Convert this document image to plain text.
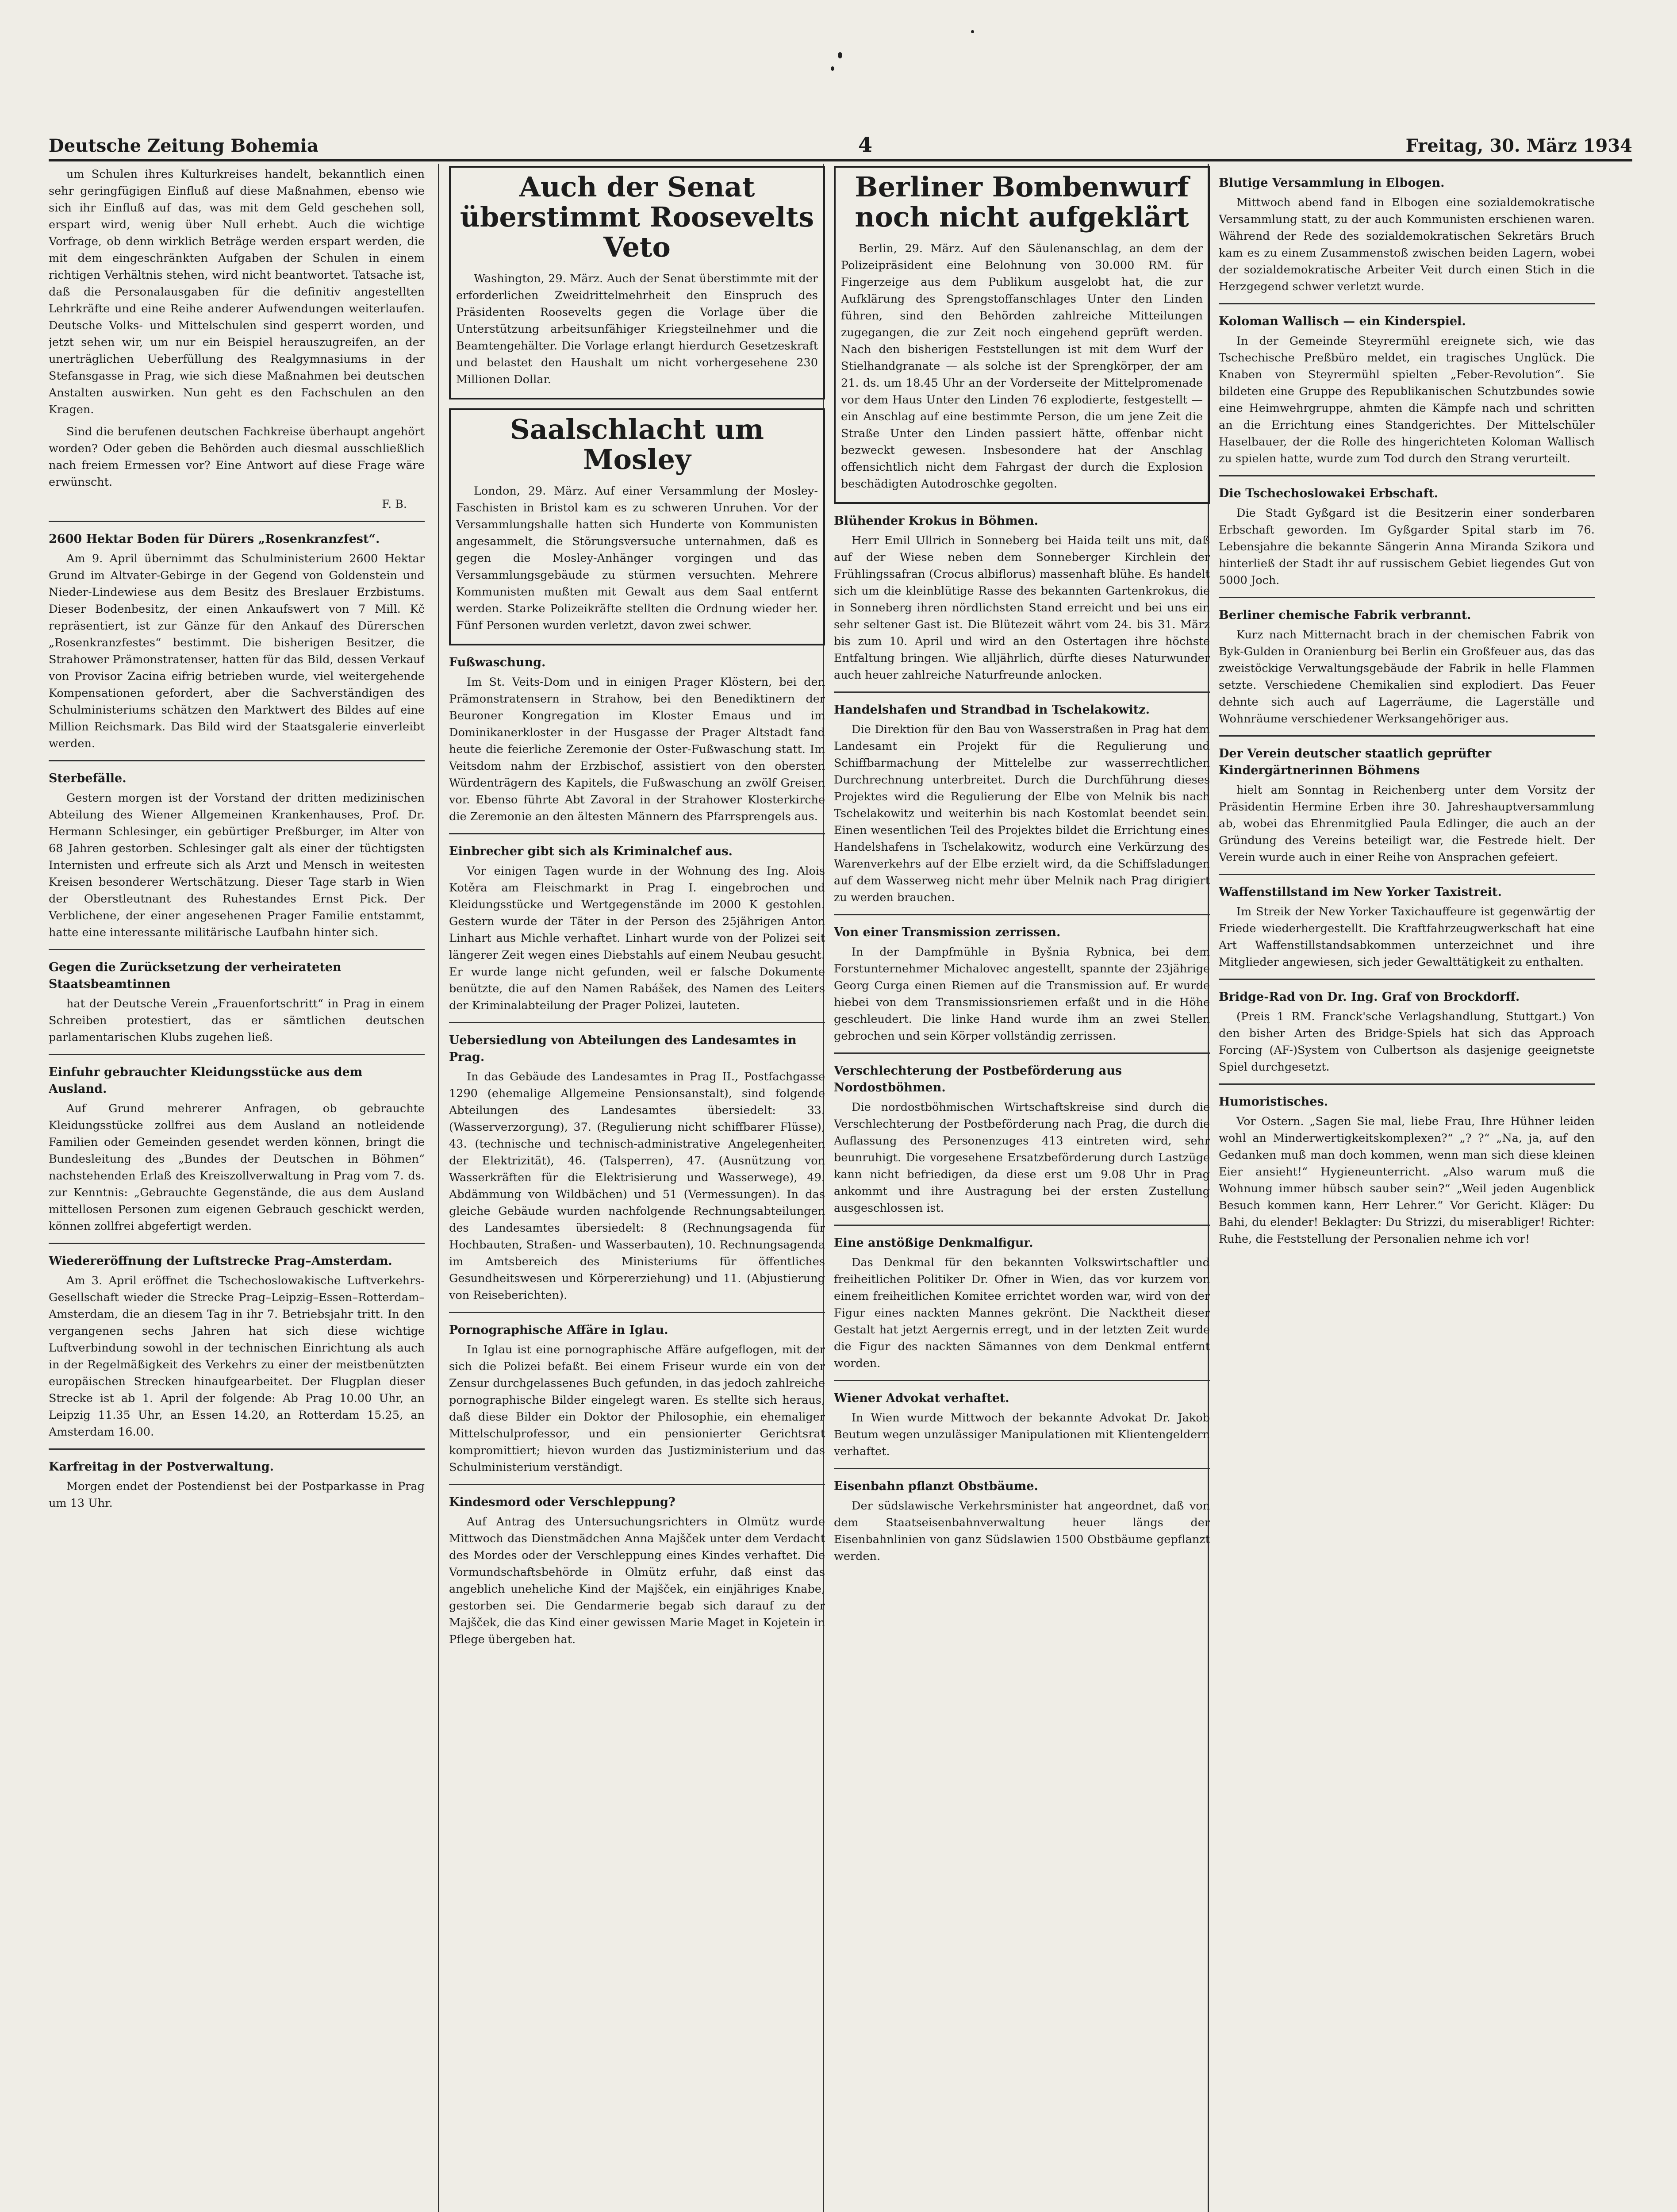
Deutsche Zeitung Bohemia	4	Freitag, 30. März 1934

um Schulen ihres Kulturkreises handelt, bekanntlich einen sehr geringfügigen Einfluß auf diese Maßnahmen, ebenso wie sich ihr Einfluß auf das, was mit dem Geld geschehen soll, erspart wird, wenig über Null erhebt. Auch die wichtige Vorfrage, ob denn wirklich Beträge werden erspart werden, die mit dem eingeschränkten Aufgaben der Schulen in einem richtigen Verhältnis stehen, wird nicht beantwortet. Tatsache ist, daß die Personalausgaben für die definitiv angestellten Lehrkräfte und eine Reihe anderer Aufwendungen weiterlaufen. Deutsche Volks- und Mittelschulen sind gesperrt worden, und jetzt sehen wir, um nur ein Beispiel herauszugreifen, an der unerträglichen Ueberfüllung des Realgymnasiums in der Stefansgasse in Prag, wie sich diese Maßnahmen bei deutschen Anstalten auswirken. Nun geht es den Fachschulen an den Kragen.

Sind die berufenen deutschen Fachkreise überhaupt angehört worden? Oder geben die Behörden auch diesmal ausschließlich nach freiem Ermessen vor? Eine Antwort auf diese Frage wäre erwünscht.

F. B.
2600 Hektar Boden für Dürers „Rosenkranzfest“.

Am 9. April übernimmt das Schulministerium 2600 Hektar Grund im Altvater-Gebirge in der Gegend von Goldenstein und Nieder-Lindewiese aus dem Besitz des Breslauer Erzbistums. Dieser Bodenbesitz, der einen Ankaufswert von 7 Mill. Kč repräsentiert, ist zur Gänze für den Ankauf des Dürerschen „Rosenkranzfestes“ bestimmt. Die bisherigen Besitzer, die Strahower Prämonstratenser, hatten für das Bild, dessen Verkauf von Provisor Zacina eifrig betrieben wurde, viel weitergehende Kompensationen gefordert, aber die Sachverständigen des Schulministeriums schätzen den Marktwert des Bildes auf eine Million Reichsmark. Das Bild wird der Staatsgalerie einverleibt werden.

Sterbefälle.

Gestern morgen ist der Vorstand der dritten medizinischen Abteilung des Wiener Allgemeinen Krankenhauses, Prof. Dr. Hermann Schlesinger, ein gebürtiger Preßburger, im Alter von 68 Jahren gestorben. Schlesinger galt als einer der tüchtigsten Internisten und erfreute sich als Arzt und Mensch in weitesten Kreisen besonderer Wertschätzung. Dieser Tage starb in Wien der Oberstleutnant des Ruhestandes Ernst Pick. Der Verblichene, der einer angesehenen Prager Familie entstammt, hatte eine interessante militärische Laufbahn hinter sich.

Gegen die Zurücksetzung der verheirateten Staatsbeamtinnen

hat der Deutsche Verein „Frauenfortschritt“ in Prag in einem Schreiben protestiert, das er sämtlichen deutschen parlamentarischen Klubs zugehen ließ.

Einfuhr gebrauchter Kleidungsstücke aus dem Ausland.

Auf Grund mehrerer Anfragen, ob gebrauchte Kleidungsstücke zollfrei aus dem Ausland an notleidende Familien oder Gemeinden gesendet werden können, bringt die Bundesleitung des „Bundes der Deutschen in Böhmen“ nachstehenden Erlaß des Kreiszollverwaltung in Prag vom 7. ds. zur Kenntnis: „Gebrauchte Gegenstände, die aus dem Ausland mittellosen Personen zum eigenen Gebrauch geschickt werden, können zollfrei abgefertigt werden.

Wiedereröffnung der Luftstrecke Prag–Amsterdam.

Am 3. April eröffnet die Tschechoslowakische Luftverkehrs-Gesellschaft wieder die Strecke Prag–Leipzig–Essen–Rotterdam–Amsterdam, die an diesem Tag in ihr 7. Betriebsjahr tritt. In den vergangenen sechs Jahren hat sich diese wichtige Luftverbindung sowohl in der technischen Einrichtung als auch in der Regelmäßigkeit des Verkehrs zu einer der meistbenützten europäischen Strecken hinaufgearbeitet. Der Flugplan dieser Strecke ist ab 1. April der folgende: Ab Prag 10.00 Uhr, an Leipzig 11.35 Uhr, an Essen 14.20, an Rotterdam 15.25, an Amsterdam 16.00.

Karfreitag in der Postverwaltung.

Morgen endet der Postendienst bei der Postparkasse in Prag um 13 Uhr.

Auch der Senat überstimmt Roosevelts Veto

Washington, 29. März. Auch der Senat überstimmte mit der erforderlichen Zweidrittelmehrheit den Einspruch des Präsidenten Roosevelts gegen die Vorlage über die Unterstützung arbeitsunfähiger Kriegsteilnehmer und die Beamtengehälter. Die Vorlage erlangt hierdurch Gesetzeskraft und belastet den Haushalt um nicht vorhergesehene 230 Millionen Dollar.

Saalschlacht um Mosley

London, 29. März. Auf einer Versammlung der Mosley-Faschisten in Bristol kam es zu schweren Unruhen. Vor der Versammlungshalle hatten sich Hunderte von Kommunisten angesammelt, die Störungsversuche unternahmen, daß es gegen die Mosley-Anhänger vorgingen und das Versammlungsgebäude zu stürmen versuchten. Mehrere Kommunisten mußten mit Gewalt aus dem Saal entfernt werden. Starke Polizeikräfte stellten die Ordnung wieder her. Fünf Personen wurden verletzt, davon zwei schwer.

Fußwaschung.

Im St. Veits-Dom und in einigen Prager Klöstern, bei den Prämonstratensern in Strahow, bei den Benediktinern der Beuroner Kongregation im Kloster Emaus und im Dominikanerkloster in der Husgasse der Prager Altstadt fand heute die feierliche Zeremonie der Oster-Fußwaschung statt. Im Veitsdom nahm der Erzbischof, assistiert von den obersten Würdenträgern des Kapitels, die Fußwaschung an zwölf Greisen vor. Ebenso führte Abt Zavoral in der Strahower Klosterkirche die Zeremonie an den ältesten Männern des Pfarrsprengels aus.

Einbrecher gibt sich als Kriminalchef aus.

Vor einigen Tagen wurde in der Wohnung des Ing. Alois Kotěra am Fleischmarkt in Prag I. eingebrochen und Kleidungsstücke und Wertgegenstände im 2000 K gestohlen. Gestern wurde der Täter in der Person des 25jährigen Anton Linhart aus Michle verhaftet. Linhart wurde von der Polizei seit längerer Zeit wegen eines Diebstahls auf einem Neubau gesucht. Er wurde lange nicht gefunden, weil er falsche Dokumente benützte, die auf den Namen Rabášek, des Namen des Leiters der Kriminalabteilung der Prager Polizei, lauteten.

Uebersiedlung von Abteilungen des Landesamtes in Prag.

In das Gebäude des Landesamtes in Prag II., Postfachgasse 1290 (ehemalige Allgemeine Pensionsanstalt), sind folgende Abteilungen des Landesamtes übersiedelt: 33. (Wasserverzorgung), 37. (Regulierung nicht schiffbarer Flüsse), 43. (technische und technisch-administrative Angelegenheiten der Elektrizität), 46. (Talsperren), 47. (Ausnützung von Wasserkräften für die Elektrisierung und Wasserwege), 49. Abdämmung von Wildbächen) und 51 (Vermessungen). In das gleiche Gebäude wurden nachfolgende Rechnungsabteilungen des Landesamtes übersiedelt: 8 (Rechnungsagenda für Hochbauten, Straßen- und Wasserbauten), 10. Rechnungsagenda im Amtsbereich des Ministeriums für öffentliches Gesundheitswesen und Körpererziehung) und 11. (Abjustierung von Reiseberichten).

Pornographische Affäre in Iglau.

In Iglau ist eine pornographische Affäre aufgeflogen, mit der sich die Polizei befaßt. Bei einem Friseur wurde ein von der Zensur durchgelassenes Buch gefunden, in das jedoch zahlreiche pornographische Bilder eingelegt waren. Es stellte sich heraus, daß diese Bilder ein Doktor der Philosophie, ein ehemaliger Mittelschulprofessor, und ein pensionierter Gerichtsrat kompromittiert; hievon wurden das Justizministerium und das Schulministerium verständigt.

Kindesmord oder Verschleppung?

Auf Antrag des Untersuchungsrichters in Olmütz wurde Mittwoch das Dienstmädchen Anna Majšček unter dem Verdacht des Mordes oder der Verschleppung eines Kindes verhaftet. Die Vormundschaftsbehörde in Olmütz erfuhr, daß einst das angeblich uneheliche Kind der Majšček, ein einjähriges Knabe, gestorben sei. Die Gendarmerie begab sich darauf zu der Majšček, die das Kind einer gewissen Marie Maget in Kojetein in Pflege übergeben hat.

Berliner Bombenwurf noch nicht aufgeklärt

Berlin, 29. März. Auf den Säulenanschlag, an dem der Polizeipräsident eine Belohnung von 30.000 RM. für Fingerzeige aus dem Publikum ausgelobt hat, die zur Aufklärung des Sprengstoffanschlages Unter den Linden führen, sind den Behörden zahlreiche Mitteilungen zugegangen, die zur Zeit noch eingehend geprüft werden. Nach den bisherigen Feststellungen ist mit dem Wurf der Stielhandgranate — als solche ist der Sprengkörper, der am 21. ds. um 18.45 Uhr an der Vorderseite der Mittelpromenade vor dem Haus Unter den Linden 76 explodierte, festgestellt — ein Anschlag auf eine bestimmte Person, die um jene Zeit die Straße Unter den Linden passiert hätte, offenbar nicht bezweckt gewesen. Insbesondere hat der Anschlag offensichtlich nicht dem Fahrgast der durch die Explosion beschädigten Autodroschke gegolten.

Blühender Krokus in Böhmen.

Herr Emil Ullrich in Sonneberg bei Haida teilt uns mit, daß auf der Wiese neben dem Sonneberger Kirchlein der Frühlingssafran (Crocus albiflorus) massenhaft blühe. Es handelt sich um die kleinblütige Rasse des bekannten Gartenkrokus, die in Sonneberg ihren nördlichsten Stand erreicht und bei uns ein sehr seltener Gast ist. Die Blütezeit währt vom 24. bis 31. März bis zum 10. April und wird an den Ostertagen ihre höchste Entfaltung bringen. Wie alljährlich, dürfte dieses Naturwunder auch heuer zahlreiche Naturfreunde anlocken.

Handelshafen und Strandbad in Tschelakowitz.

Die Direktion für den Bau von Wasserstraßen in Prag hat dem Landesamt ein Projekt für die Regulierung und Schiffbarmachung der Mittelelbe zur wasserrechtlichen Durchrechnung unterbreitet. Durch die Durchführung dieses Projektes wird die Regulierung der Elbe von Melnik bis nach Tschelakowitz und weiterhin bis nach Kostomlat beendet sein. Einen wesentlichen Teil des Projektes bildet die Errichtung eines Handelshafens in Tschelakowitz, wodurch eine Verkürzung des Warenverkehrs auf der Elbe erzielt wird, da die Schiffsladungen auf dem Wasserweg nicht mehr über Melnik nach Prag dirigiert zu werden brauchen.

Von einer Transmission zerrissen.

In der Dampfmühle in Byšnia Rybnica, bei dem Forstunternehmer Michalovec angestellt, spannte der 23jährige Georg Curga einen Riemen auf die Transmission auf. Er wurde hiebei von dem Transmissionsriemen erfaßt und in die Höhe geschleudert. Die linke Hand wurde ihm an zwei Stellen gebrochen und sein Körper vollständig zerrissen.

Verschlechterung der Postbeförderung aus Nordostböhmen.

Die nordostböhmischen Wirtschaftskreise sind durch die Verschlechterung der Postbeförderung nach Prag, die durch die Auflassung des Personenzuges 413 eintreten wird, sehr beunruhigt. Die vorgesehene Ersatzbeförderung durch Lastzüge kann nicht befriedigen, da diese erst um 9.08 Uhr in Prag ankommt und ihre Austragung bei der ersten Zustellung ausgeschlossen ist.

Eine anstößige Denkmalfigur.

Das Denkmal für den bekannten Volkswirtschaftler und freiheitlichen Politiker Dr. Ofner in Wien, das vor kurzem von einem freiheitlichen Komitee errichtet worden war, wird von der Figur eines nackten Mannes gekrönt. Die Nacktheit dieser Gestalt hat jetzt Aergernis erregt, und in der letzten Zeit wurde die Figur des nackten Sämannes von dem Denkmal entfernt worden.

Wiener Advokat verhaftet.

In Wien wurde Mittwoch der bekannte Advokat Dr. Jakob Beutum wegen unzulässiger Manipulationen mit Klientengeldern verhaftet.

Eisenbahn pflanzt Obstbäume.

Der südslawische Verkehrsminister hat angeordnet, daß von dem Staatseisenbahnverwaltung heuer längs der Eisenbahnlinien von ganz Südslawien 1500 Obstbäume gepflanzt werden.

Blutige Versammlung in Elbogen.

Mittwoch abend fand in Elbogen eine sozialdemokratische Versammlung statt, zu der auch Kommunisten erschienen waren. Während der Rede des sozialdemokratischen Sekretärs Bruch kam es zu einem Zusammenstoß zwischen beiden Lagern, wobei der sozialdemokratische Arbeiter Veit durch einen Stich in die Herzgegend schwer verletzt wurde.

Koloman Wallisch — ein Kinderspiel.

In der Gemeinde Steyrermühl ereignete sich, wie das Tschechische Preßbüro meldet, ein tragisches Unglück. Die Knaben von Steyrermühl spielten „Feber-Revolution“. Sie bildeten eine Gruppe des Republikanischen Schutzbundes sowie eine Heimwehrgruppe, ahmten die Kämpfe nach und schritten an die Errichtung eines Standgerichtes. Der Mittelschüler Haselbauer, der die Rolle des hingerichteten Koloman Wallisch zu spielen hatte, wurde zum Tod durch den Strang verurteilt.

Die Tschechoslowakei Erbschaft.

Die Stadt Gyßgard ist die Besitzerin einer sonderbaren Erbschaft geworden. Im Gyßgarder Spital starb im 76. Lebensjahre die bekannte Sängerin Anna Miranda Szikora und hinterließ der Stadt ihr auf russischem Gebiet liegendes Gut von 5000 Joch.

Berliner chemische Fabrik verbrannt.

Kurz nach Mitternacht brach in der chemischen Fabrik von Byk-Gulden in Oranienburg bei Berlin ein Großfeuer aus, das das zweistöckige Verwaltungsgebäude der Fabrik in helle Flammen setzte. Verschiedene Chemikalien sind explodiert. Das Feuer dehnte sich auch auf Lagerräume, die Lagerställe und Wohnräume verschiedener Werksangehöriger aus.

Der Verein deutscher staatlich geprüfter Kindergärtnerinnen Böhmens

hielt am Sonntag in Reichenberg unter dem Vorsitz der Präsidentin Hermine Erben ihre 30. Jahreshauptversammlung ab, wobei das Ehrenmitglied Paula Edlinger, die auch an der Gründung des Vereins beteiligt war, die Festrede hielt. Der Verein wurde auch in einer Reihe von Ansprachen gefeiert.

Waffenstillstand im New Yorker Taxistreit.

Im Streik der New Yorker Taxichauffeure ist gegenwärtig der Friede wiederhergestellt. Die Kraftfahrzeugwerkschaft hat eine Art Waffenstillstandsabkommen unterzeichnet und ihre Mitglieder angewiesen, sich jeder Gewalttätigkeit zu enthalten.

Bridge-Rad von Dr. Ing. Graf von Brockdorff.

(Preis 1 RM. Franck'sche Verlagshandlung, Stuttgart.) Von den bisher Arten des Bridge-Spiels hat sich das Approach Forcing (AF-)System von Culbertson als dasjenige geeignetste Spiel durchgesetzt.

Humoristisches.

Vor Ostern. „Sagen Sie mal, liebe Frau, Ihre Hühner leiden wohl an Minderwertigkeitskomplexen?“ „? ?“ „Na, ja, auf den Gedanken muß man doch kommen, wenn man sich diese kleinen Eier ansieht!“ Hygieneunterricht. „Also warum muß die Wohnung immer hübsch sauber sein?“ „Weil jeden Augenblick Besuch kommen kann, Herr Lehrer.“ Vor Gericht. Kläger: Du Bahi, du elender! Beklagter: Du Strizzi, du miserabliger! Richter: Ruhe, die Feststellung der Personalien nehme ich vor!
